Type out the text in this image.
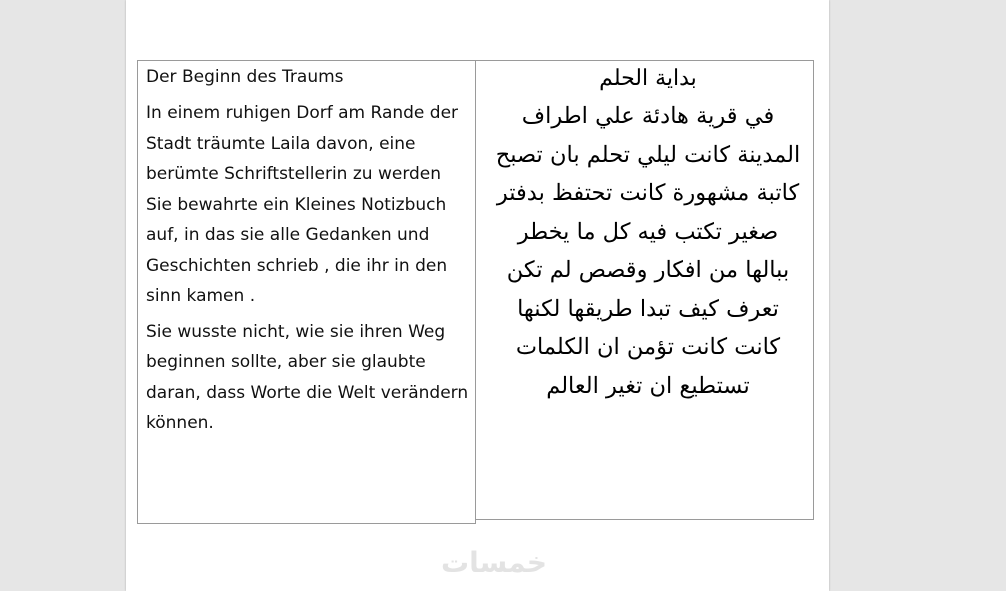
Der Beginn des Traums

In einem ruhigen Dorf am Rande der Stadt träumte Laila davon, eine berümte Schriftstellerin zu werden Sie bewahrte ein Kleines Notizbuch auf, in das sie alle Gedanken und Geschichten schrieb , die ihr in den sinn kamen .

Sie wusste nicht, wie sie ihren Weg beginnen sollte, aber sie glaubte daran, dass Worte die Welt verändern können.

بداية الحلم

في قرية هادئة علي اطراف
المدينة كانت ليلي تحلم بان تصبح
كاتبة مشهورة كانت تحتفظ بدفتر
صغير تكتب فيه كل ما يخطر
ببالها من افكار وقصص لم تكن
تعرف كيف تبدا طريقها لكنها
كانت كانت تؤمن ان الكلمات
تستطيع ان تغير العالم
خمسات
